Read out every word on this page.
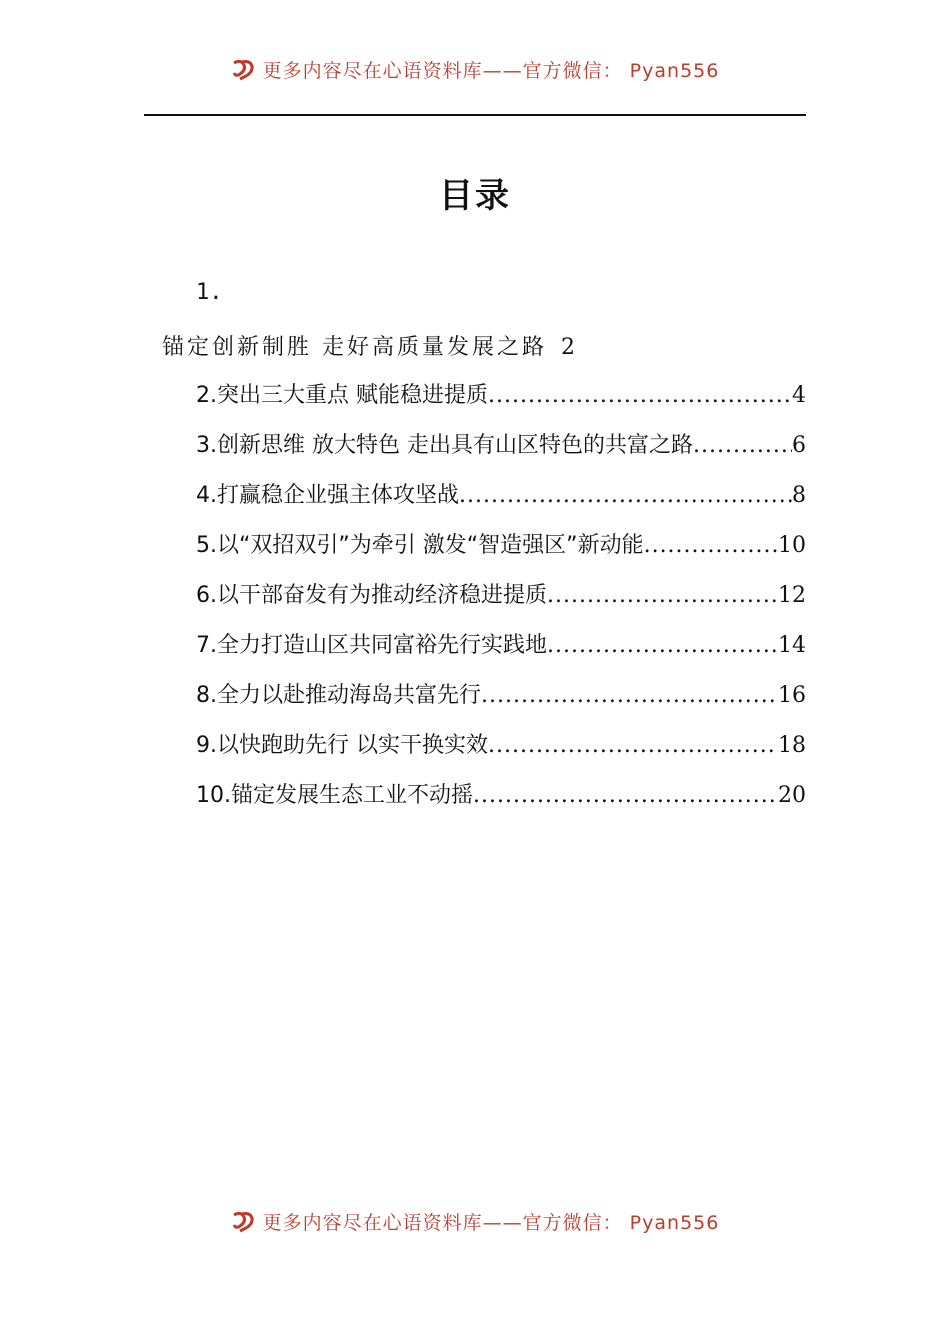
更多内容尽在心语资料库——官方微信： Pyan556
目录
1.
锚定创新制胜 走好高质量发展之路 2
2.突出三大重点 赋能稳进提质 .....	4
3.创新思维 放大特色 走出具有山区特色的共富之路 .....	6
4.打赢稳企业强主体攻坚战 .....	8
5.以“双招双引”为牵引 激发“智造强区”新动能 .....	10
6.以干部奋发有为推动经济稳进提质 .....	12
7.全力打造山区共同富裕先行实践地 .....	14
8.全力以赴推动海岛共富先行 .....	16
9.以快跑助先行 以实干换实效 .....	18
10.锚定发展生态工业不动摇 .....	20
更多内容尽在心语资料库——官方微信： Pyan556
